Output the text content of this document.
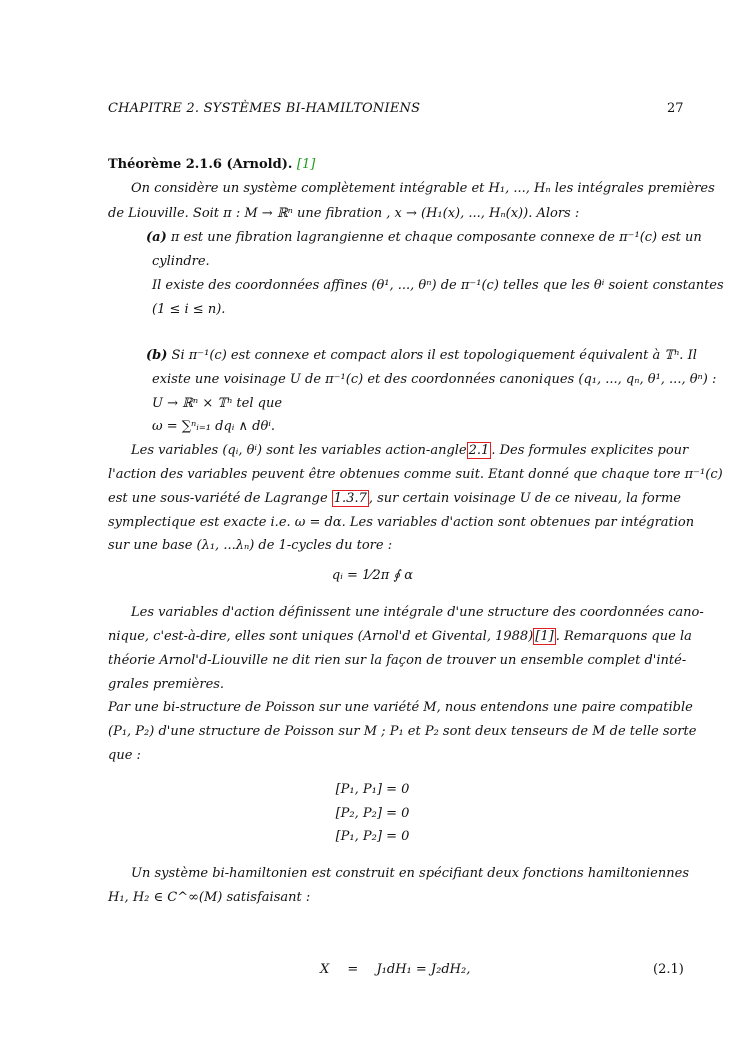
CHAPITRE 2. SYSTÈMES BI-HAMILTONIENS	27
Théorème 2.1.6 (Arnold). [1]
On considère un système complètement intégrable et H₁, ..., Hₙ les intégrales premières
de Liouville. Soit π : M → ℝⁿ une fibration , x → (H₁(x), ..., Hₙ(x)). Alors :
(a) π est une fibration lagrangienne et chaque composante connexe de π⁻¹(c) est un
cylindre.
Il existe des coordonnées affines (θ¹, ..., θⁿ) de π⁻¹(c) telles que les θⁱ soient constantes
(1 ≤ i ≤ n).
(b) Si π⁻¹(c) est connexe et compact alors il est topologiquement équivalent à 𝕋ⁿ. Il
existe une voisinage U de π⁻¹(c) et des coordonnées canoniques (q₁, ..., qₙ, θ¹, ..., θⁿ) :
U → ℝⁿ × 𝕋ⁿ tel que
ω = ∑ⁿᵢ₌₁ dqᵢ ∧ dθⁱ.
Les variables (qᵢ, θⁱ) sont les variables action-angle 2.1 . Des formules explicites pour
l'action des variables peuvent être obtenues comme suit. Etant donné que chaque tore π⁻¹(c)
est une sous-variété de Lagrange 1.3.7 , sur certain voisinage U de ce niveau, la forme
symplectique est exacte i.e. ω = dα. Les variables d'action sont obtenues par intégration
sur une base (λ₁, ...λₙ) de 1-cycles du tore :
qᵢ = 1⁄2π ∮ α
Les variables d'action définissent une intégrale d'une structure des coordonnées cano-
nique, c'est-à-dire, elles sont uniques (Arnol'd et Givental, 1988) [1] . Remarquons que la
théorie Arnol'd-Liouville ne dit rien sur la façon de trouver un ensemble complet d'inté-
grales premières.
Par une bi-structure de Poisson sur une variété M, nous entendons une paire compatible
(P₁, P₂) d'une structure de Poisson sur M ; P₁ et P₂ sont deux tenseurs de M de telle sorte
que :
[P₁, P₁] = 0
[P₂, P₂] = 0
[P₁, P₂] = 0
Un système bi-hamiltonien est construit en spécifiant deux fonctions hamiltoniennes
H₁, H₂ ∈ C^∞(M) satisfaisant :
X = J₁dH₁ = J₂dH₂,	(2.1)
